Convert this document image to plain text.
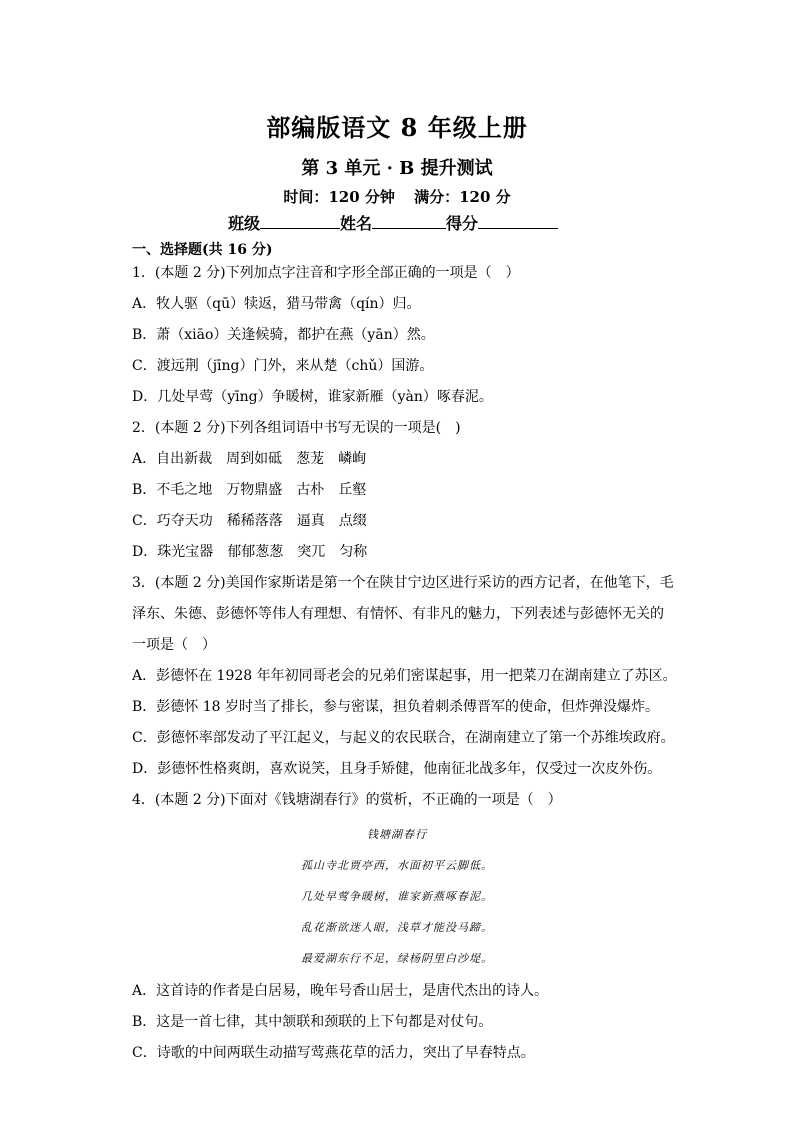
部编版语文 8 年级上册
第 3 单元 · B 提升测试
时间：120 分钟 满分：120 分
班级	姓名	得分
一、选择题(共 16 分)
1．(本题 2 分)下列加点字注音和字形全部正确的一项是（　）
A．牧人驱（qū）犊返，猎马带禽（qín）归。
B．萧（xiāo）关逢候骑，都护在燕（yān）然。
C．渡远荆（jīng）门外，来从楚（chǔ）国游。
D．几处早莺（yīng）争暖树，谁家新雁（yàn）啄春泥。
2．(本题 2 分)下列各组词语中书写无误的一项是(　)
A．自出新裁　周到如砥　葱茏　嶙峋
B．不毛之地　万物鼎盛　古朴　丘壑
C．巧夺天功　稀稀落落　逼真　点缀
D．珠光宝器　郁郁葱葱　突兀　匀称
3．(本题 2 分)美国作家斯诺是第一个在陕甘宁边区进行采访的西方记者，在他笔下，毛
泽东、朱德、彭德怀等伟人有理想、有情怀、有非凡的魅力，下列表述与彭德怀无关的
一项是（　）
A．彭德怀在 1928 年年初同哥老会的兄弟们密谋起事，用一把菜刀在湖南建立了苏区。
B．彭德怀 18 岁时当了排长，参与密谋，担负着刺杀傅晋军的使命，但炸弹没爆炸。
C．彭德怀率部发动了平江起义，与起义的农民联合，在湖南建立了第一个苏维埃政府。
D．彭德怀性格爽朗，喜欢说笑，且身手矫健，他南征北战多年，仅受过一次皮外伤。
4．(本题 2 分)下面对《钱塘湖春行》的赏析，不正确的一项是（　）
钱塘湖春行
孤山寺北贾亭西，水面初平云脚低。
几处早莺争暖树，谁家新燕啄春泥。
乱花渐欲迷人眼，浅草才能没马蹄。
最爱湖东行不足，绿杨阴里白沙堤。
A．这首诗的作者是白居易，晚年号香山居士，是唐代杰出的诗人。
B．这是一首七律，其中颔联和颈联的上下句都是对仗句。
C．诗歌的中间两联生动描写莺燕花草的活力，突出了早春特点。
